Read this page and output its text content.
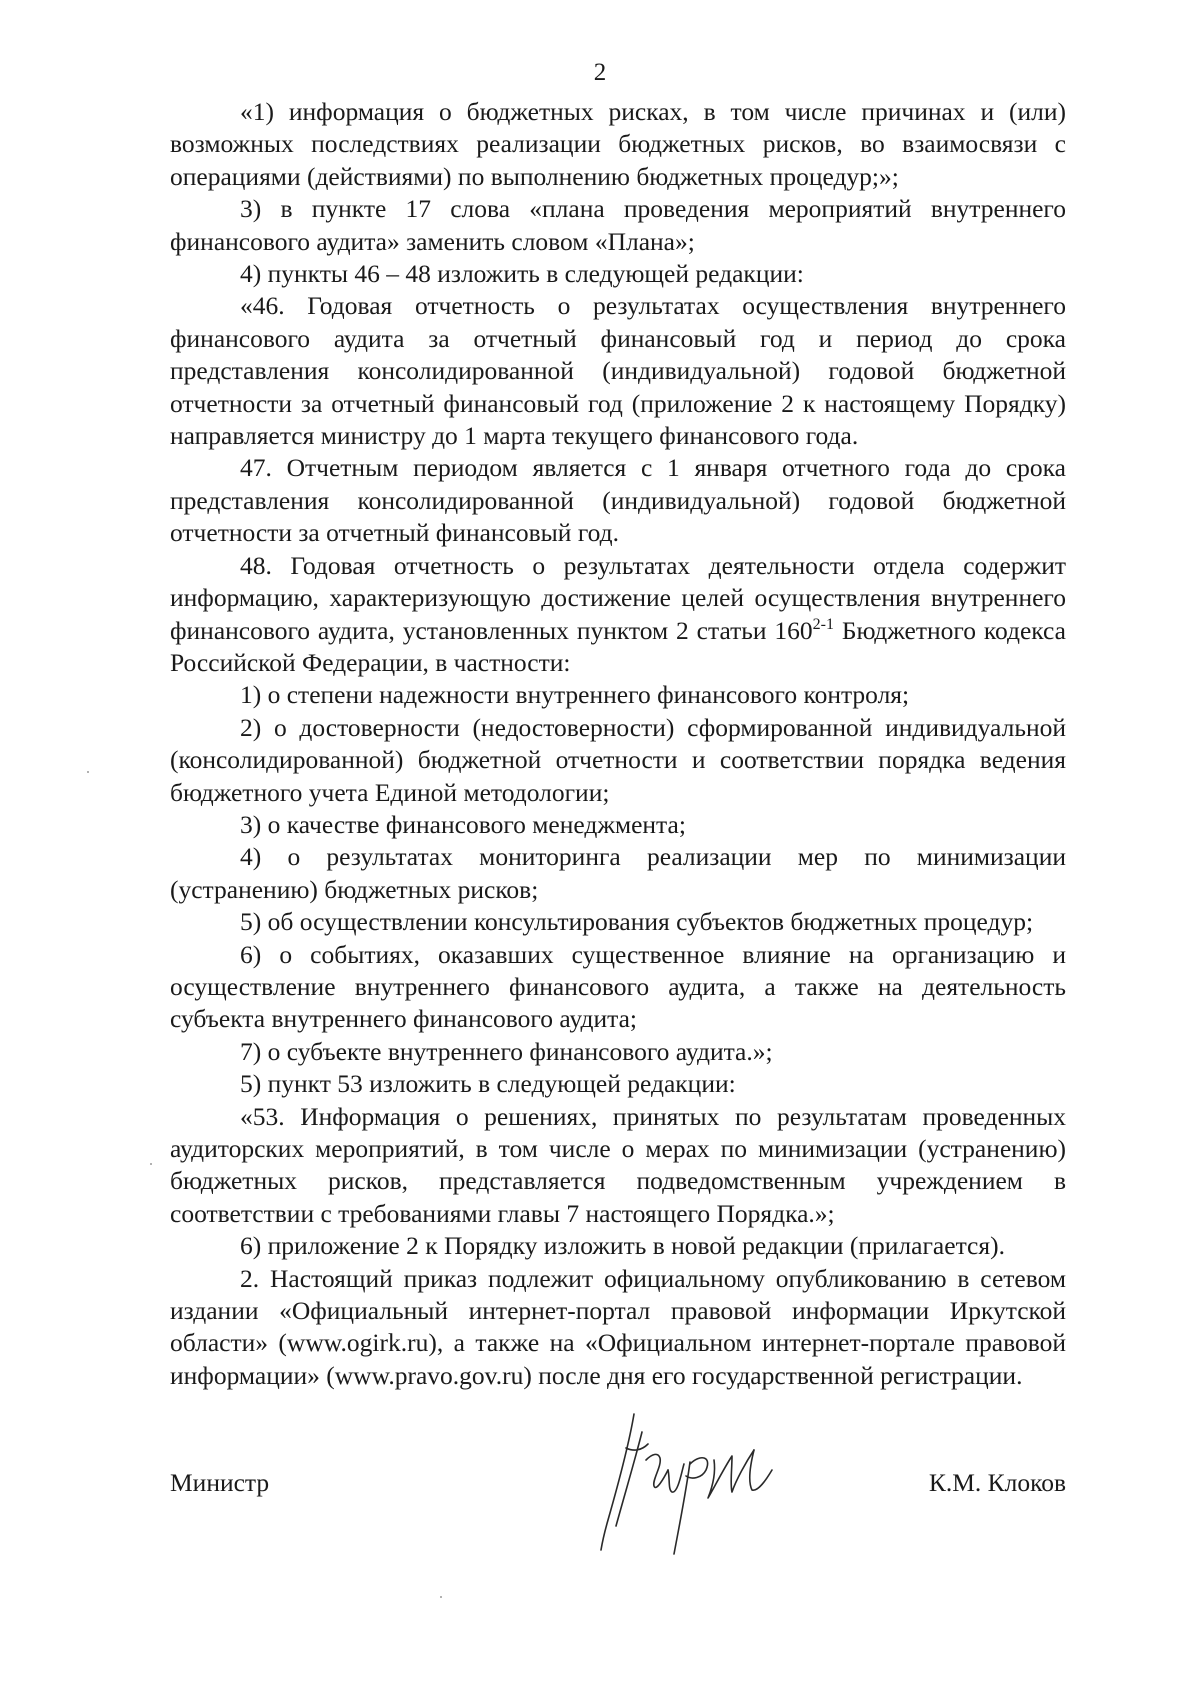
2

«1) информация о бюджетных рисках, в том числе причинах и (или) возможных последствиях реализации бюджетных рисков, во взаимосвязи с операциями (действиями) по выполнению бюджетных процедур;»;

3) в пункте 17 слова «плана проведения мероприятий внутреннего финансового аудита» заменить словом «Плана»;

4) пункты 46 – 48 изложить в следующей редакции:

«46. Годовая отчетность о результатах осуществления внутреннего финансового аудита за отчетный финансовый год и период до срока представления консолидированной (индивидуальной) годовой бюджетной отчетности за отчетный финансовый год (приложение 2 к настоящему Порядку) направляется министру до 1 марта текущего финансового года.

47. Отчетным периодом является с 1 января отчетного года до срока представления консолидированной (индивидуальной) годовой бюджетной отчетности за отчетный финансовый год.

48. Годовая отчетность о результатах деятельности отдела содержит информацию, характеризующую достижение целей осуществления внутреннего финансового аудита, установленных пунктом 2 статьи 160$^{2-1}$ Бюджетного кодекса Российской Федерации, в частности:

1) о степени надежности внутреннего финансового контроля;

2) о достоверности (недостоверности) сформированной индивидуальной (консолидированной) бюджетной отчетности и соответствии порядка ведения бюджетного учета Единой методологии;

3) о качестве финансового менеджмента;

4) о результатах мониторинга реализации мер по минимизации (устранению) бюджетных рисков;

5) об осуществлении консультирования субъектов бюджетных процедур;

6) о событиях, оказавших существенное влияние на организацию и осуществление внутреннего финансового аудита, а также на деятельность субъекта внутреннего финансового аудита;

7) о субъекте внутреннего финансового аудита.»;

5) пункт 53 изложить в следующей редакции:

«53. Информация о решениях, принятых по результатам проведенных аудиторских мероприятий, в том числе о мерах по минимизации (устранению) бюджетных рисков, представляется подведомственным учреждением в соответствии с требованиями главы 7 настоящего Порядка.»;

6) приложение 2 к Порядку изложить в новой редакции (прилагается).

2. Настоящий приказ подлежит официальному опубликованию в сетевом издании «Официальный интернет-портал правовой информации Иркутской области» (www.ogirk.ru), а также на «Официальном интернет-портале правовой информации» (www.pravo.gov.ru) после дня его государственной регистрации.

Министр	К.М. Клоков
